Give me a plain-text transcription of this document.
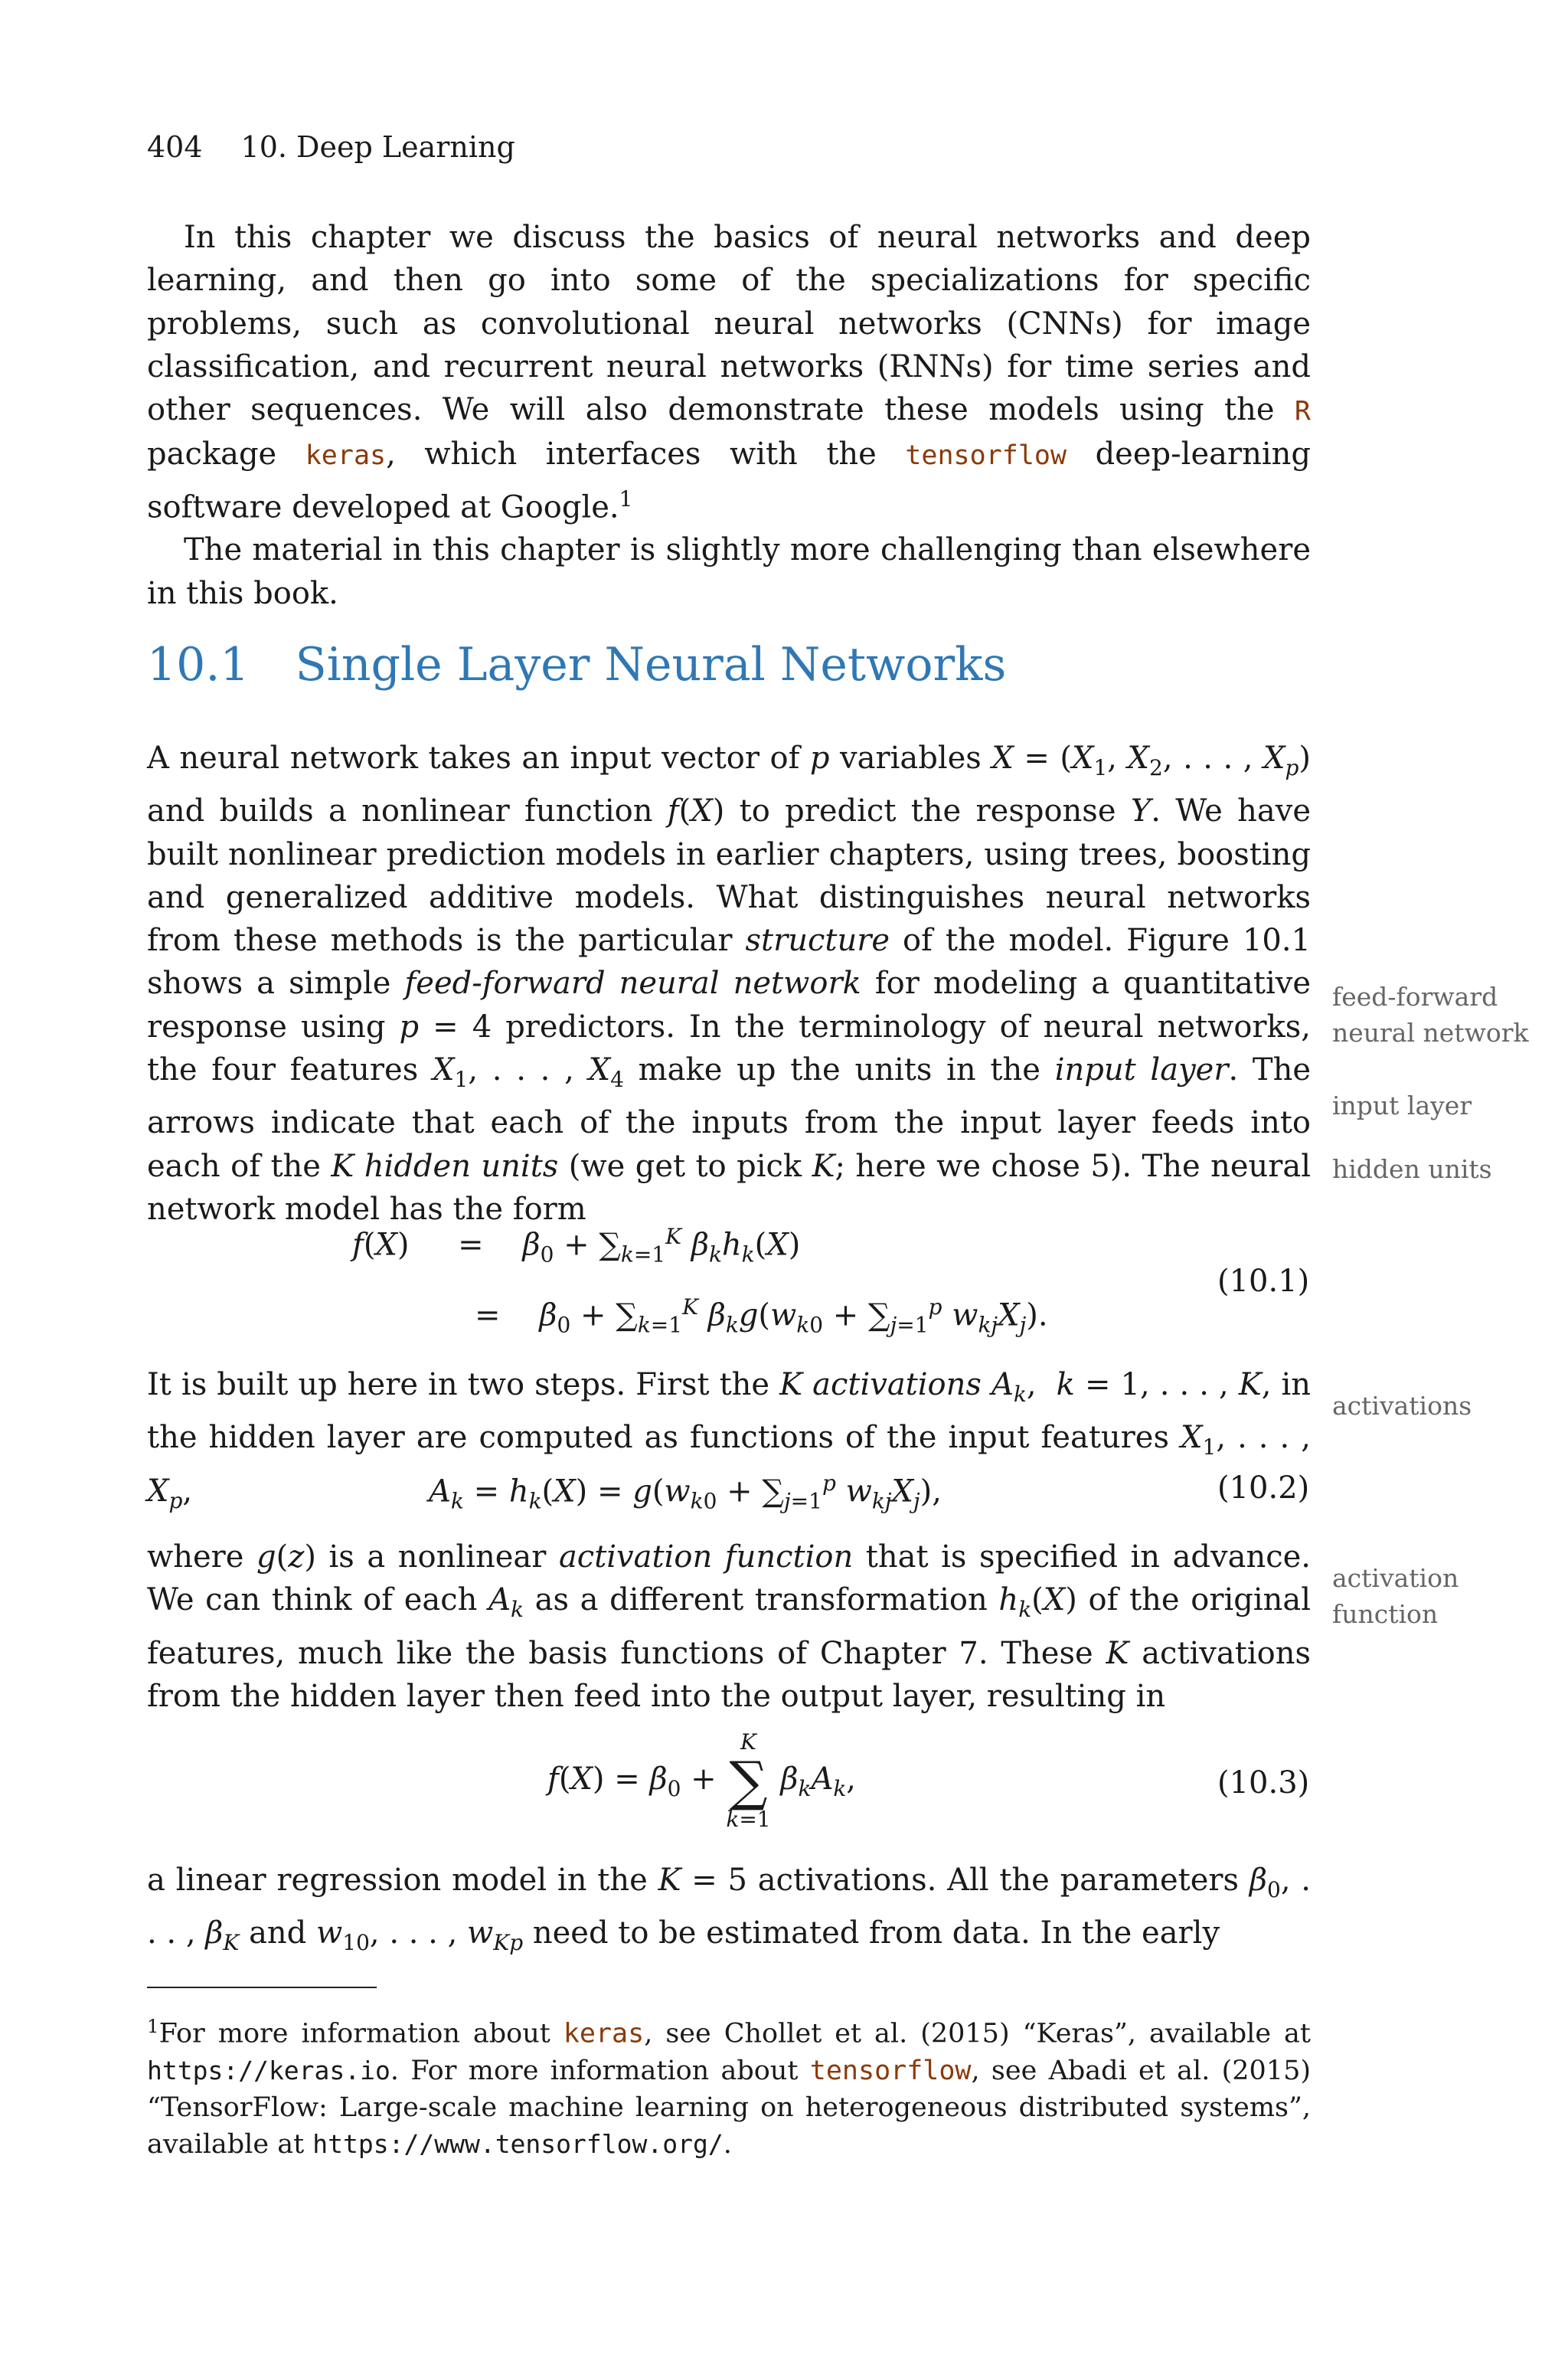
404 10. Deep Learning

In this chapter we discuss the basics of neural networks and deep learning, and then go into some of the specializations for specific problems, such as convolutional neural networks (CNNs) for image classification, and recurrent neural networks (RNNs) for time series and other sequences. We will also demonstrate these models using the R package keras, which interfaces with the tensorflow deep-learning software developed at Google.$^1$

The material in this chapter is slightly more challenging than elsewhere in this book.

10.1 Single Layer Neural Networks

A neural network takes an input vector of p variables $X = (X_1$, $X_2$, . . . , $X_p$) and builds a nonlinear function f(X) to predict the response Y. We have built nonlinear prediction models in earlier chapters, using trees, boosting and generalized additive models. What distinguishes neural networks from these methods is the particular structure of the model. Figure 10.1 shows a simple feed-forward neural network for modeling a quantitative response using p = 4 predictors. In the terminology of neural networks, the four features $X_1$, . . . , $X_4$ make up the units in the input layer. The arrows indicate that each of the inputs from the input layer feeds into each of the K hidden units (we get to pick K; here we chose 5). The neural network model has the form

feed-forward neural network
input layer
hidden units
f(X)     =    $\beta_0 + \sum_{k=1}^K$ $\beta_kh_k(X)$
=    $\beta_0 + \sum_{k=1}^K$ $\beta_kg(w_{k0} + \sum_{j=1}^p$ $w_{kj}X_j$).
(10.1)

It is built up here in two steps. First the K activations $A_k$,  k = 1, . . . , K, in the hidden layer are computed as functions of the input features $X_1$, . . . , $X_p$,

activations
$A_k = h_k(X) = g(w_{k0} + \sum_{j=1}^p$ $w_{kj}X_j$),	(10.2)

where g(z) is a nonlinear activation function that is specified in advance. We can think of each $A_k$ as a different transformation $h_k(X)$ of the original features, much like the basis functions of Chapter 7. These K activations from the hidden layer then feed into the output layer, resulting in

activation function
$f(X) = \beta_0$ +
K
∑
k=1
$\beta_kA_k$,	(10.3)

a linear regression model in the K = 5 activations. All the parameters $\beta_0$, . . . , $\beta_K$ and $w_{10}$, . . . , $w_{Kp}$ need to be estimated from data. In the early

$^1$For more information about keras, see Chollet et al. (2015) “Keras”, available at https://keras.io. For more information about tensorflow, see Abadi et al. (2015) “TensorFlow: Large-scale machine learning on heterogeneous distributed systems”, available at https://www.tensorflow.org/.
